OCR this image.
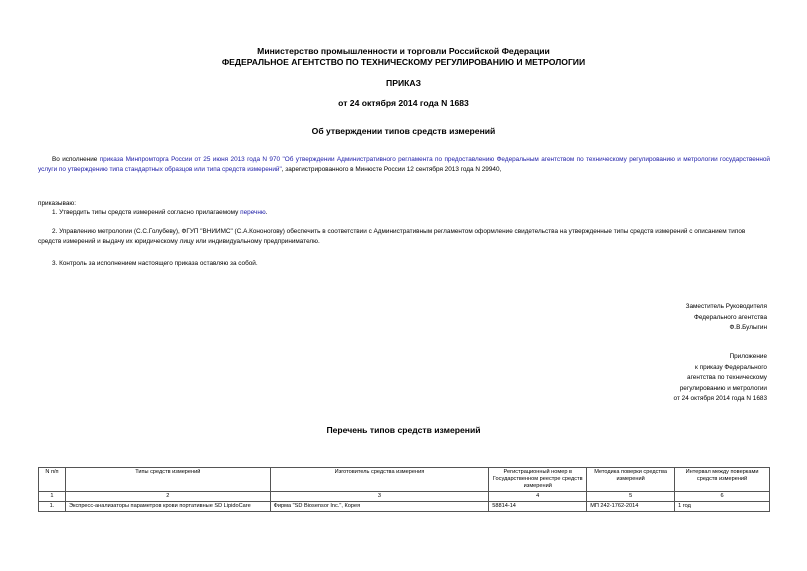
Министерство промышленности и торговли Российской Федерации
ФЕДЕРАЛЬНОЕ АГЕНТСТВО ПО ТЕХНИЧЕСКОМУ РЕГУЛИРОВАНИЮ И МЕТРОЛОГИИ
ПРИКАЗ
от 24 октября 2014 года N 1683
Об утверждении типов средств измерений
Во исполнение приказа Минпромторга России от 25 июня 2013 года N 970 "Об утверждении Административного регламента по предоставлению Федеральным агентством по техническому регулированию и метрологии государственной услуги по утверждению типа стандартных образцов или типа средств измерений", зарегистрированного в Минюсте России 12 сентября 2013 года N 29940,
приказываю:
1. Утвердить типы средств измерений согласно прилагаемому перечню.
2. Управлению метрологии (С.С.Голубеву), ФГУП "ВНИИМС" (С.А.Кононогову) обеспечить в соответствии с Административным регламентом оформление свидетельства на утвержденные типы средств измерений с описанием типов средств измерений и выдачу их юридическому лицу или индивидуальному предпринимателю.
3. Контроль за исполнением настоящего приказа оставляю за собой.
Заместитель Руководителя
Федерального агентства
Ф.В.Булыгин
Приложение
к приказу Федерального
агентства по техническому
регулированию и метрологии
от 24 октября 2014 года N 1683
Перечень типов средств измерений
N п/п	Типы средств измерений	Изготовитель средства измерения	Регистрационный номер в Государственном реестре средств измерений	Методика поверки средства измерений	Интервал между поверками средств измерений
1	2	3	4	5	6
1.	Экспресс-анализаторы параметров крови портативные SD LipidoCare	Фирма "SD Biosensor Inc.", Корея	58814-14	МП 242-1762-2014	1 год
